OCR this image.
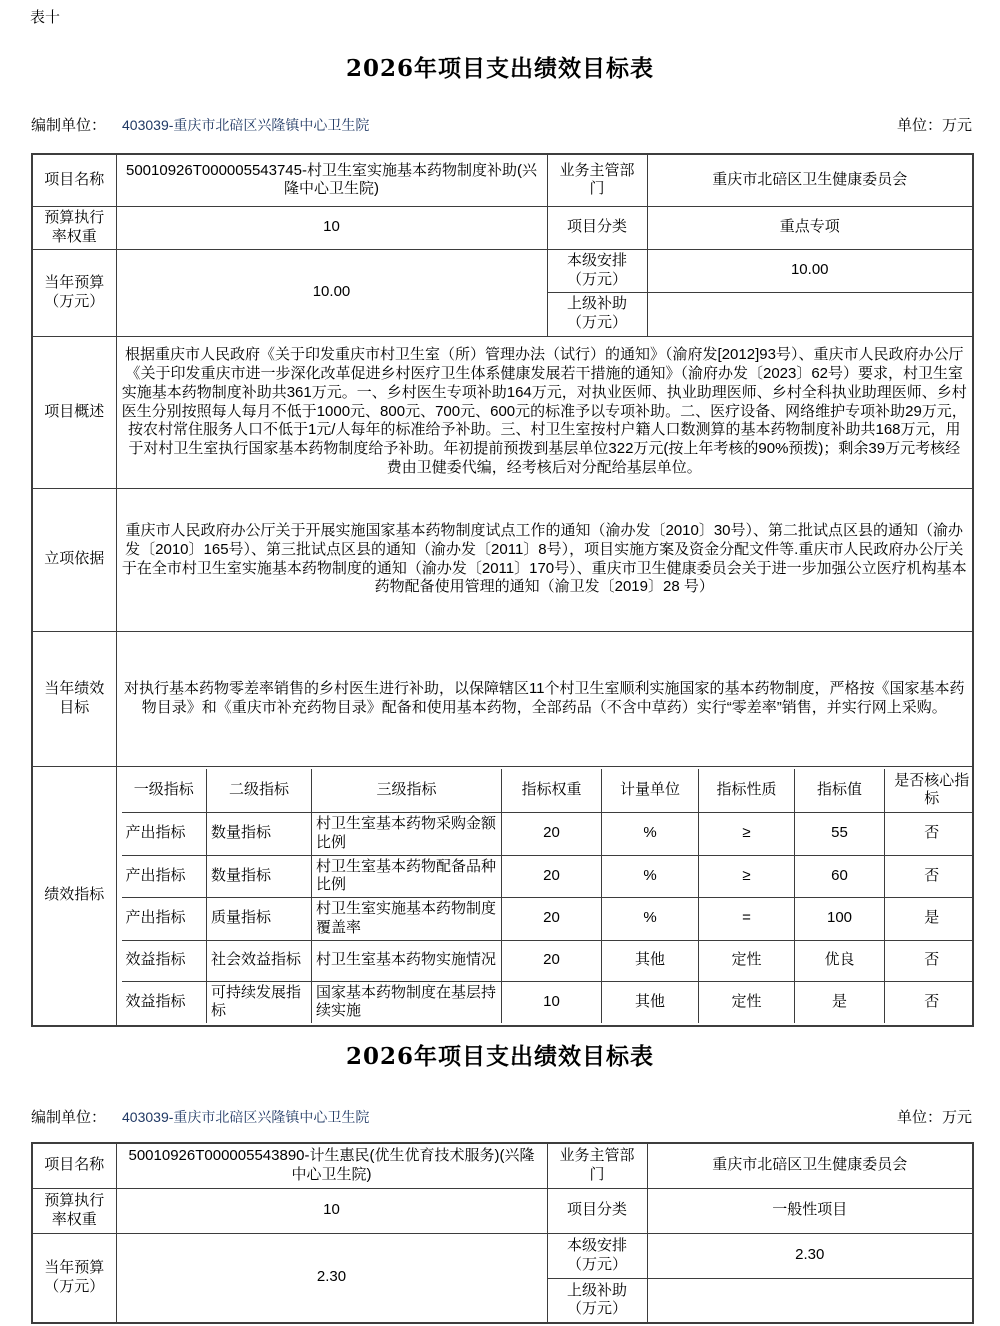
表十
2026年项目支出绩效目标表
编制单位： 403039-重庆市北碚区兴隆镇中心卫生院	单位：万元
项目名称	50010926T000005543745-村卫生室实施基本药物制度补助(兴隆中心卫生院)	业务主管部门	重庆市北碚区卫生健康委员会
预算执行率权重	10	项目分类	重点专项
当年预算（万元）	10.00	本级安排（万元）	10.00
上级补助（万元）	
项目概述	根据重庆市人民政府《关于印发重庆市村卫生室（所）管理办法（试行）的通知》（渝府发[2012]93号）、重庆市人民政府办公厅《关于印发重庆市进一步深化改革促进乡村医疗卫生体系健康发展若干措施的通知》（渝府办发〔2023〕62号）要求，村卫生室实施基本药物制度补助共361万元。一、乡村医生专项补助164万元，对执业医师、执业助理医师、乡村全科执业助理医师、乡村医生分别按照每人每月不低于1000元、800元、700元、600元的标准予以专项补助。二、医疗设备、网络维护专项补助29万元，按农村常住服务人口不低于1元/人每年的标准给予补助。三、村卫生室按村户籍人口数测算的基本药物制度补助共168万元，用于对村卫生室执行国家基本药物制度给予补助。年初提前预拨到基层单位322万元(按上年考核的90%预拨)；剩余39万元考核经费由卫健委代编，经考核后对分配给基层单位。
立项依据	重庆市人民政府办公厅关于开展实施国家基本药物制度试点工作的通知（渝办发〔2010〕30号）、第二批试点区县的通知（渝办发〔2010〕165号）、第三批试点区县的通知（渝办发〔2011〕8号），项目实施方案及资金分配文件等.重庆市人民政府办公厅关于在全市村卫生室实施基本药物制度的通知（渝办发〔2011〕170号）、重庆市卫生健康委员会关于进一步加强公立医疗机构基本药物配备使用管理的通知（渝卫发〔2019〕28 号）
当年绩效目标	对执行基本药物零差率销售的乡村医生进行补助，以保障辖区11个村卫生室顺利实施国家的基本药物制度，严格按《国家基本药物目录》和《重庆市补充药物目录》配备和使用基本药物，全部药品（不含中草药）实行“零差率”销售，并实行网上采购。
绩效指标	
一级指标	二级指标	三级指标	指标权重	计量单位	指标性质	指标值	是否核心指标
产出指标	数量指标	村卫生室基本药物采购金额比例	20	%	≥	55	否
产出指标	数量指标	村卫生室基本药物配备品种比例	20	%	≥	60	否
产出指标	质量指标	村卫生室实施基本药物制度覆盖率	20	%	=	100	是
效益指标	社会效益指标	村卫生室基本药物实施情况	20	其他	定性	优良	否
效益指标	可持续发展指标	国家基本药物制度在基层持续实施	10	其他	定性	是	否
2026年项目支出绩效目标表
编制单位： 403039-重庆市北碚区兴隆镇中心卫生院	单位：万元
项目名称	50010926T000005543890-计生惠民(优生优育技术服务)(兴隆中心卫生院)	业务主管部门	重庆市北碚区卫生健康委员会
预算执行率权重	10	项目分类	一般性项目
当年预算（万元）	2.30	本级安排（万元）	2.30
		上级补助（万元）	
